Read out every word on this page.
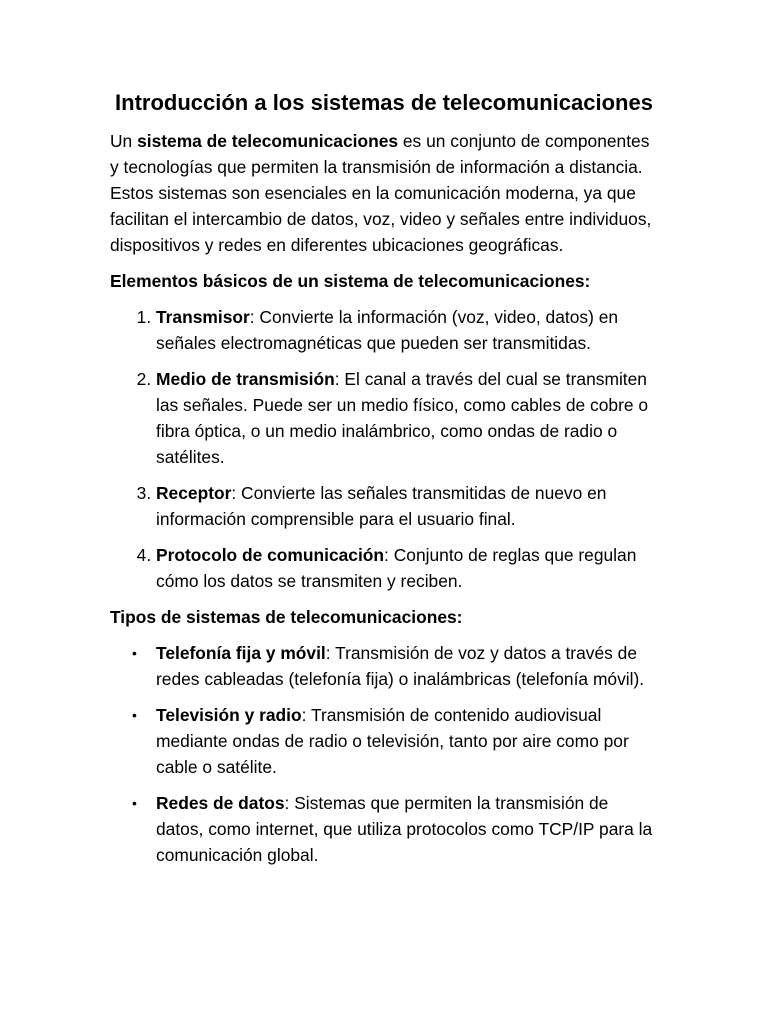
Introducción a los sistemas de telecomunicaciones

Un sistema de telecomunicaciones es un conjunto de componentes y tecnologías que permiten la transmisión de información a distancia. Estos sistemas son esenciales en la comunicación moderna, ya que facilitan el intercambio de datos, voz, video y señales entre individuos, dispositivos y redes en diferentes ubicaciones geográficas.

Elementos básicos de un sistema de telecomunicaciones:

1. Transmisor: Convierte la información (voz, video, datos) en señales electromagnéticas que pueden ser transmitidas.
2. Medio de transmisión: El canal a través del cual se transmiten las señales. Puede ser un medio físico, como cables de cobre o fibra óptica, o un medio inalámbrico, como ondas de radio o satélites.
3. Receptor: Convierte las señales transmitidas de nuevo en información comprensible para el usuario final.
4. Protocolo de comunicación: Conjunto de reglas que regulan cómo los datos se transmiten y reciben.

Tipos de sistemas de telecomunicaciones:

• Telefonía fija y móvil: Transmisión de voz y datos a través de redes cableadas (telefonía fija) o inalámbricas (telefonía móvil).
• Televisión y radio: Transmisión de contenido audiovisual mediante ondas de radio o televisión, tanto por aire como por cable o satélite.
• Redes de datos: Sistemas que permiten la transmisión de datos, como internet, que utiliza protocolos como TCP/IP para la comunicación global.
